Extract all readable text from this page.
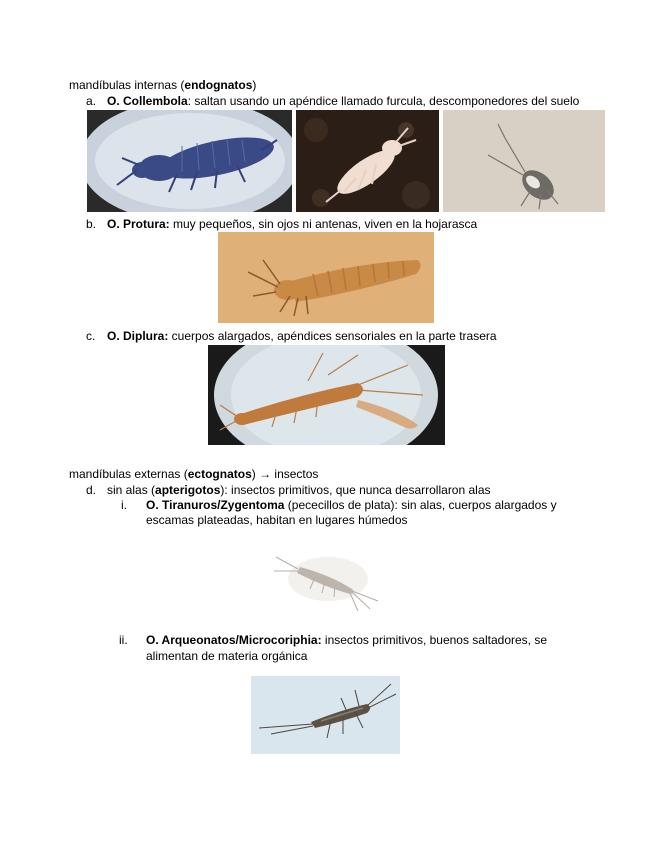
mandíbulas internas (endognatos)
a. O. Collembola: saltan usando un apéndice llamado furcula, descomponedores del suelo
b. O. Protura: muy pequeños, sin ojos ni antenas, viven en la hojarasca
c. O. Diplura: cuerpos alargados, apéndices sensoriales en la parte trasera
mandíbulas externas (ectognatos) → insectos
d. sin alas (apterigotos): insectos primitivos, que nunca desarrollaron alas
i. O. Tiranuros/Zygentoma (pececillos de plata): sin alas, cuerpos alargados y
escamas plateadas, habitan en lugares húmedos
ii. O. Arqueonatos/Microcoriphia: insectos primitivos, buenos saltadores, se
alimentan de materia orgánica
